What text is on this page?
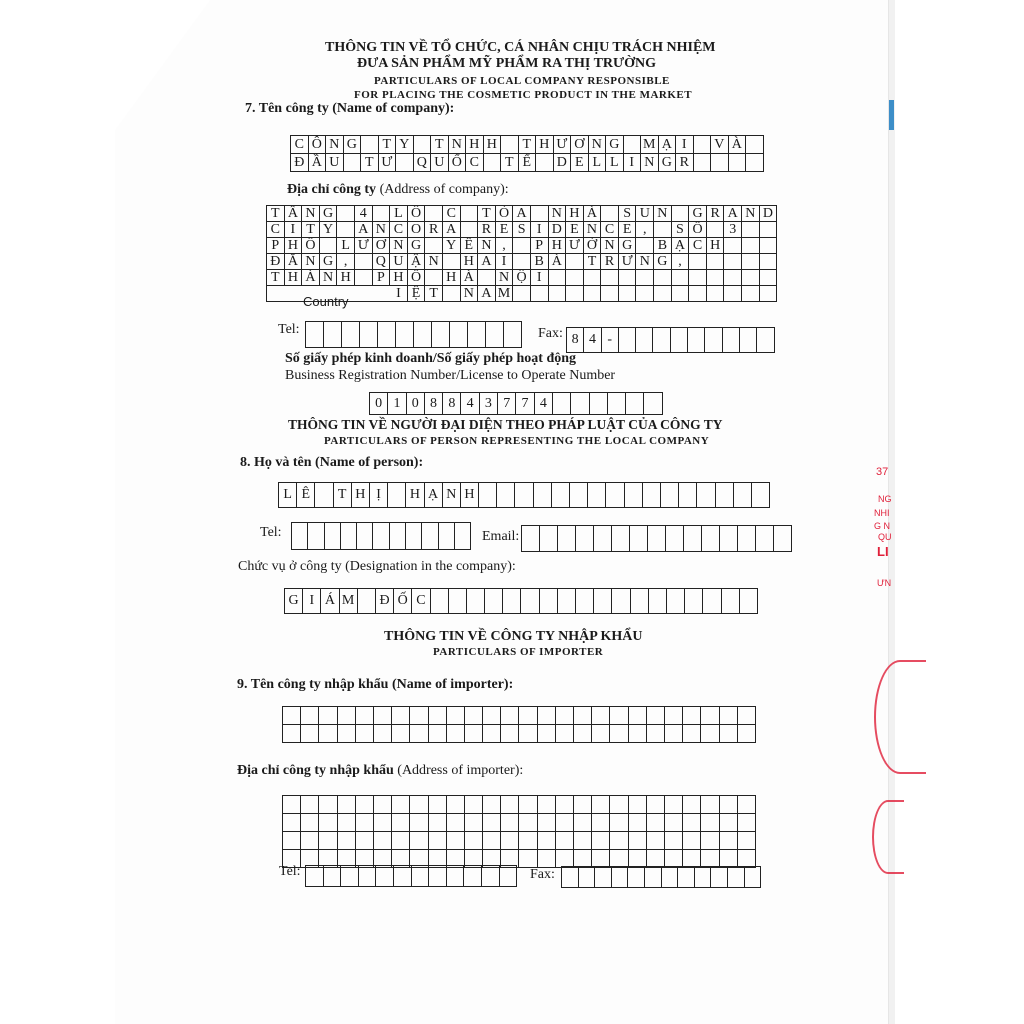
THÔNG TIN VỀ TỔ CHỨC, CÁ NHÂN CHỊU TRÁCH NHIỆM
ĐƯA SẢN PHẨM MỸ PHẨM RA THỊ TRƯỜNG
PARTICULARS OF LOCAL COMPANY RESPONSIBLE
FOR PLACING THE COSMETIC PRODUCT IN THE MARKET
7. Tên công ty (Name of company):
C Ô N G T Y T N H H T H Ư Ơ N G M Ạ I	V À
Đ Ầ U T Ư Q U Ố C	T Ế	D E L L I N G R
Địa chỉ công ty (Address of company):
T Ầ N G	4	L Ô	C	T Ò A	N H À	S U N	G R A N D
C I T Y	A N C O R A	R E S I D E N C E ,	S Ố	3
P H Ố	L Ư Ơ N G	Y Ê N ,	P H Ư Ờ N G	B Ạ C H
Đ Ằ N G ,	Q U Ậ N	H A I	B À	T R Ư N G ,
T H À N H	P H Ố	H À	N Ộ I
I Ệ T	N A M
Country
Tel:	Fax: 8 4 -
Số giấy phép kinh doanh/Số giấy phép hoạt động
Business Registration Number/License to Operate Number
0 1 0 8 8 4 3 7 7 4
THÔNG TIN VỀ NGƯỜI ĐẠI DIỆN THEO PHÁP LUẬT CỦA CÔNG TY
PARTICULARS OF PERSON REPRESENTING THE LOCAL COMPANY
8. Họ và tên (Name of person):
L Ê	T H Ị	H Ạ N H
Tel:	Email:
Chức vụ ở công ty (Designation in the company):
G I Á M Đ Ố C
THÔNG TIN VỀ CÔNG TY NHẬP KHẨU
PARTICULARS OF IMPORTER
9. Tên công ty nhập khẩu (Name of importer):
Địa chỉ công ty nhập khẩu (Address of importer):
Tel:	Fax:
37
NG
NHI
G N
QU
LI
ƯN
